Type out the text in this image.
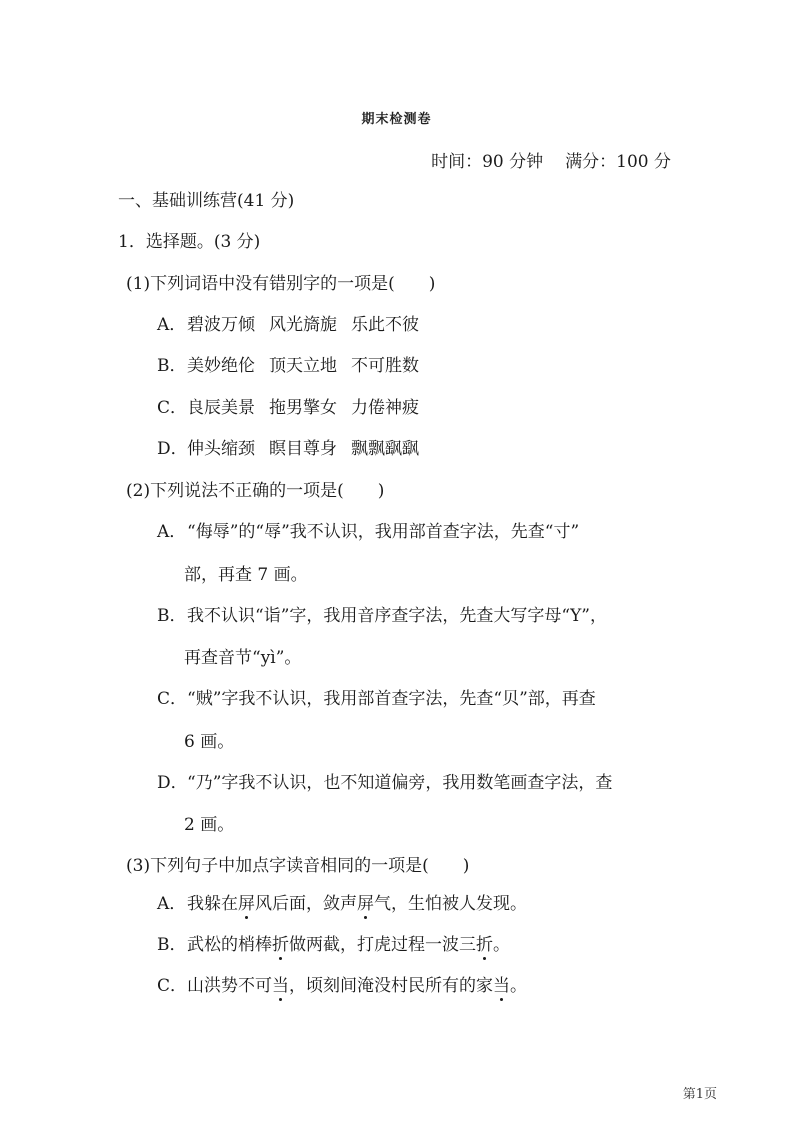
期末检测卷
时间：90 分钟 满分：100 分
一、基础训练营(41 分)
1．选择题。(3 分)
(1)下列词语中没有错别字的一项是( )
A．碧波万倾 风光旖旎 乐此不彼
B．美妙绝伦 顶天立地 不可胜数
C．良辰美景 拖男擎女 力倦神疲
D．伸头缩颈 瞑目尊身 飘飘飖飖
(2)下列说法不正确的一项是( )
A．“侮辱”的“辱”我不认识，我用部首查字法，先查“寸”
部，再查 7 画。
B．我不认识“诣”字，我用音序查字法，先查大写字母“Y”，
再查音节“yì”。
C．“贼”字我不认识，我用部首查字法，先查“贝”部，再查
6 画。
D．“乃”字我不认识，也不知道偏旁，我用数笔画查字法，查
2 画。
(3)下列句子中加点字读音相同的一项是( )
A．我躲在屏风后面，敛声屏气，生怕被人发现。
B．武松的梢棒折做两截，打虎过程一波三折。
C．山洪势不可当，顷刻间淹没村民所有的家当。
第1页
